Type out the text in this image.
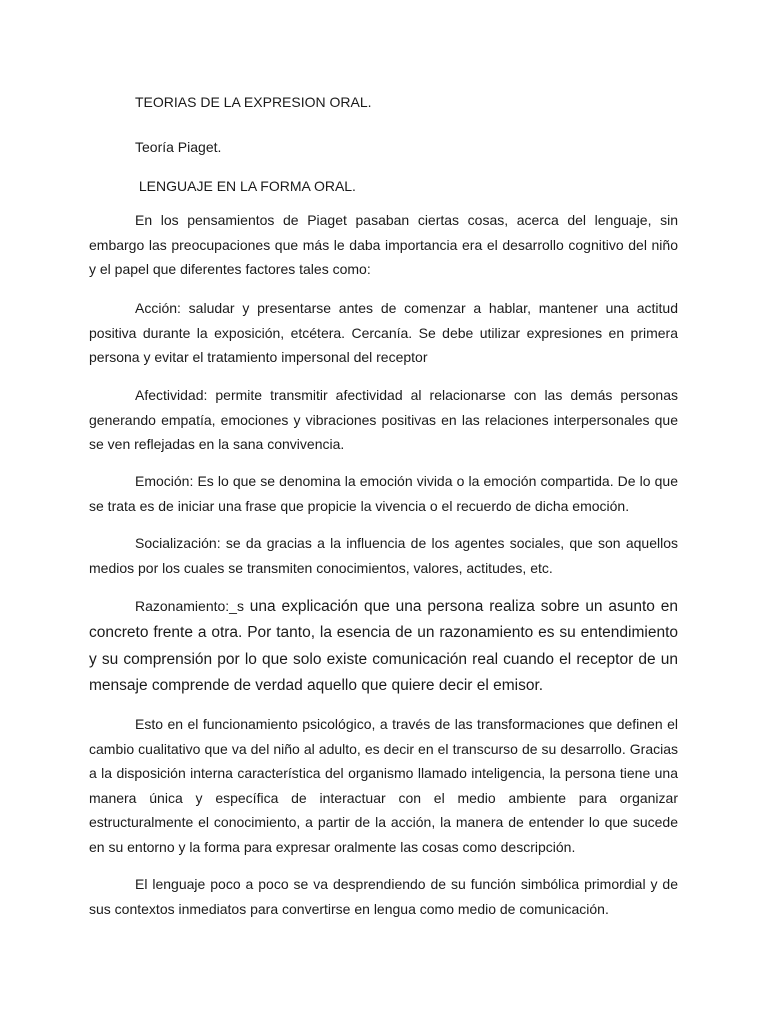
TEORIAS DE LA EXPRESION ORAL.
Teoría Piaget.
LENGUAJE EN LA FORMA ORAL.

En los pensamientos de Piaget pasaban ciertas cosas, acerca del lenguaje, sin embargo las preocupaciones que más le daba importancia era el desarrollo cognitivo del niño y el papel que diferentes factores tales como:

Acción: saludar y presentarse antes de comenzar a hablar, mantener una actitud positiva durante la exposición, etcétera. Cercanía. Se debe utilizar expresiones en primera persona y evitar el tratamiento impersonal del receptor

Afectividad: permite transmitir afectividad al relacionarse con las demás personas generando empatía, emociones y vibraciones positivas en las relaciones interpersonales que se ven reflejadas en la sana convivencia.

Emoción: Es lo que se denomina la emoción vivida o la emoción compartida. De lo que se trata es de iniciar una frase que propicie la vivencia o el recuerdo de dicha emoción.

Socialización: se da gracias a la influencia de los agentes sociales, que son aquellos medios por los cuales se transmiten conocimientos, valores, actitudes, etc.

Razonamiento:_s una explicación que una persona realiza sobre un asunto en concreto frente a otra. Por tanto, la esencia de un razonamiento es su entendimiento y su comprensión por lo que solo existe comunicación real cuando el receptor de un mensaje comprende de verdad aquello que quiere decir el emisor.

Esto en el funcionamiento psicológico, a través de las transformaciones que definen el cambio cualitativo que va del niño al adulto, es decir en el transcurso de su desarrollo. Gracias a la disposición interna característica del organismo llamado inteligencia, la persona tiene una manera única y específica de interactuar con el medio ambiente para organizar estructuralmente el conocimiento, a partir de la acción, la manera de entender lo que sucede en su entorno y la forma para expresar oralmente las cosas como descripción.

El lenguaje poco a poco se va desprendiendo de su función simbólica primordial y de sus contextos inmediatos para convertirse en lengua como medio de comunicación.
